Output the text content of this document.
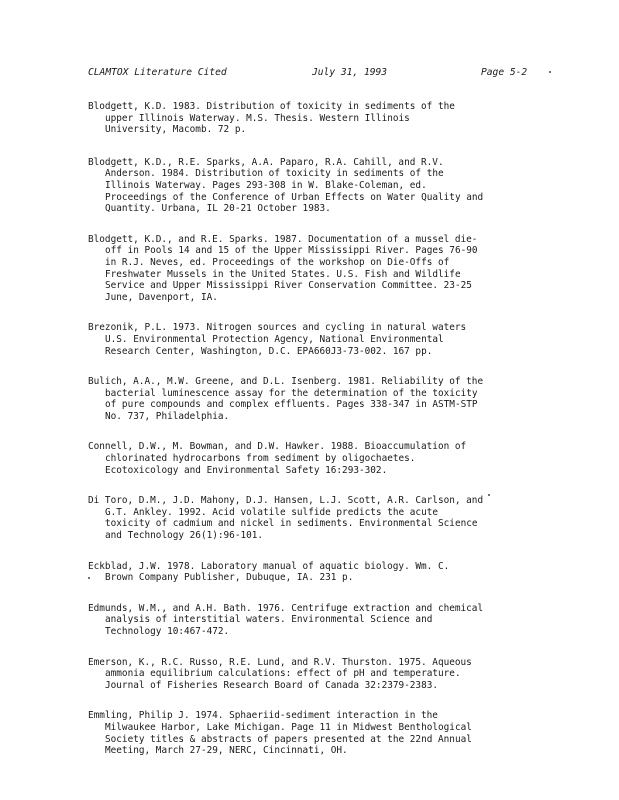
CLAMTOX Literature Cited	July 31, 1993	Page 5-2
Blodgett, K.D. 1983. Distribution of toxicity in sediments of the
upper Illinois Waterway. M.S. Thesis. Western Illinois
University, Macomb. 72 p.
Blodgett, K.D., R.E. Sparks, A.A. Paparo, R.A. Cahill, and R.V.
Anderson. 1984. Distribution of toxicity in sediments of the
Illinois Waterway. Pages 293-308 in W. Blake-Coleman, ed.
Proceedings of the Conference of Urban Effects on Water Quality and
Quantity. Urbana, IL 20-21 October 1983.
Blodgett, K.D., and R.E. Sparks. 1987. Documentation of a mussel die-
off in Pools 14 and 15 of the Upper Mississippi River. Pages 76-90
in R.J. Neves, ed. Proceedings of the workshop on Die-Offs of
Freshwater Mussels in the United States. U.S. Fish and Wildlife
Service and Upper Mississippi River Conservation Committee. 23-25
June, Davenport, IA.
Brezonik, P.L. 1973. Nitrogen sources and cycling in natural waters
U.S. Environmental Protection Agency, National Environmental
Research Center, Washington, D.C. EPA660J3-73-002. 167 pp.
Bulich, A.A., M.W. Greene, and D.L. Isenberg. 1981. Reliability of the
bacterial luminescence assay for the determination of the toxicity
of pure compounds and complex effluents. Pages 338-347 in ASTM-STP
No. 737, Philadelphia.
Connell, D.W., M. Bowman, and D.W. Hawker. 1988. Bioaccumulation of
chlorinated hydrocarbons from sediment by oligochaetes.
Ecotoxicology and Environmental Safety 16:293-302.
Di Toro, D.M., J.D. Mahony, D.J. Hansen, L.J. Scott, A.R. Carlson, and
G.T. Ankley. 1992. Acid volatile sulfide predicts the acute
toxicity of cadmium and nickel in sediments. Environmental Science
and Technology 26(1):96-101.
Eckblad, J.W. 1978. Laboratory manual of aquatic biology. Wm. C.
Brown Company Publisher, Dubuque, IA. 231 p.
Edmunds, W.M., and A.H. Bath. 1976. Centrifuge extraction and chemical
analysis of interstitial waters. Environmental Science and
Technology 10:467-472.
Emerson, K., R.C. Russo, R.E. Lund, and R.V. Thurston. 1975. Aqueous
ammonia equilibrium calculations: effect of pH and temperature.
Journal of Fisheries Research Board of Canada 32:2379-2383.
Emmling, Philip J. 1974. Sphaeriid-sediment interaction in the
Milwaukee Harbor, Lake Michigan. Page 11 in Midwest Benthological
Society titles & abstracts of papers presented at the 22nd Annual
Meeting, March 27-29, NERC, Cincinnati, OH.
